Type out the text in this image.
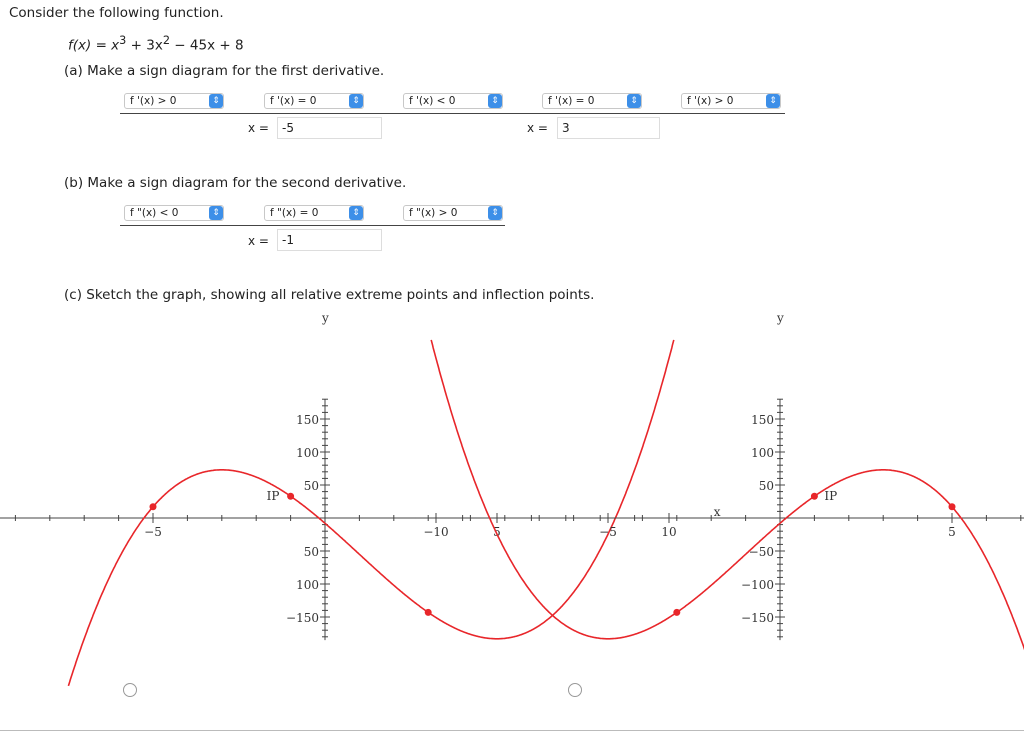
Consider the following function.
$f(x) = x^3 + 3x^2 - 45x + 8$
(a) Make a sign diagram for the first derivative.
f '(x) > 0	⇕	f '(x) = 0	⇕	f '(x) < 0	⇕	f '(x) = 0	⇕	f '(x) > 0	⇕
x =	-5	x =	3
(b) Make a sign diagram for the second derivative.
f "(x) < 0	⇕	f "(x) = 0	⇕	f "(x) > 0	⇕
x =	-1
(c) Sketch the graph, showing all relative extreme points and inflection points.
x
y
−5	5	10
150
100
50
50
100
−150
IP
y
−10	−5	5
150
100
50
−50
−100
−150
IP
